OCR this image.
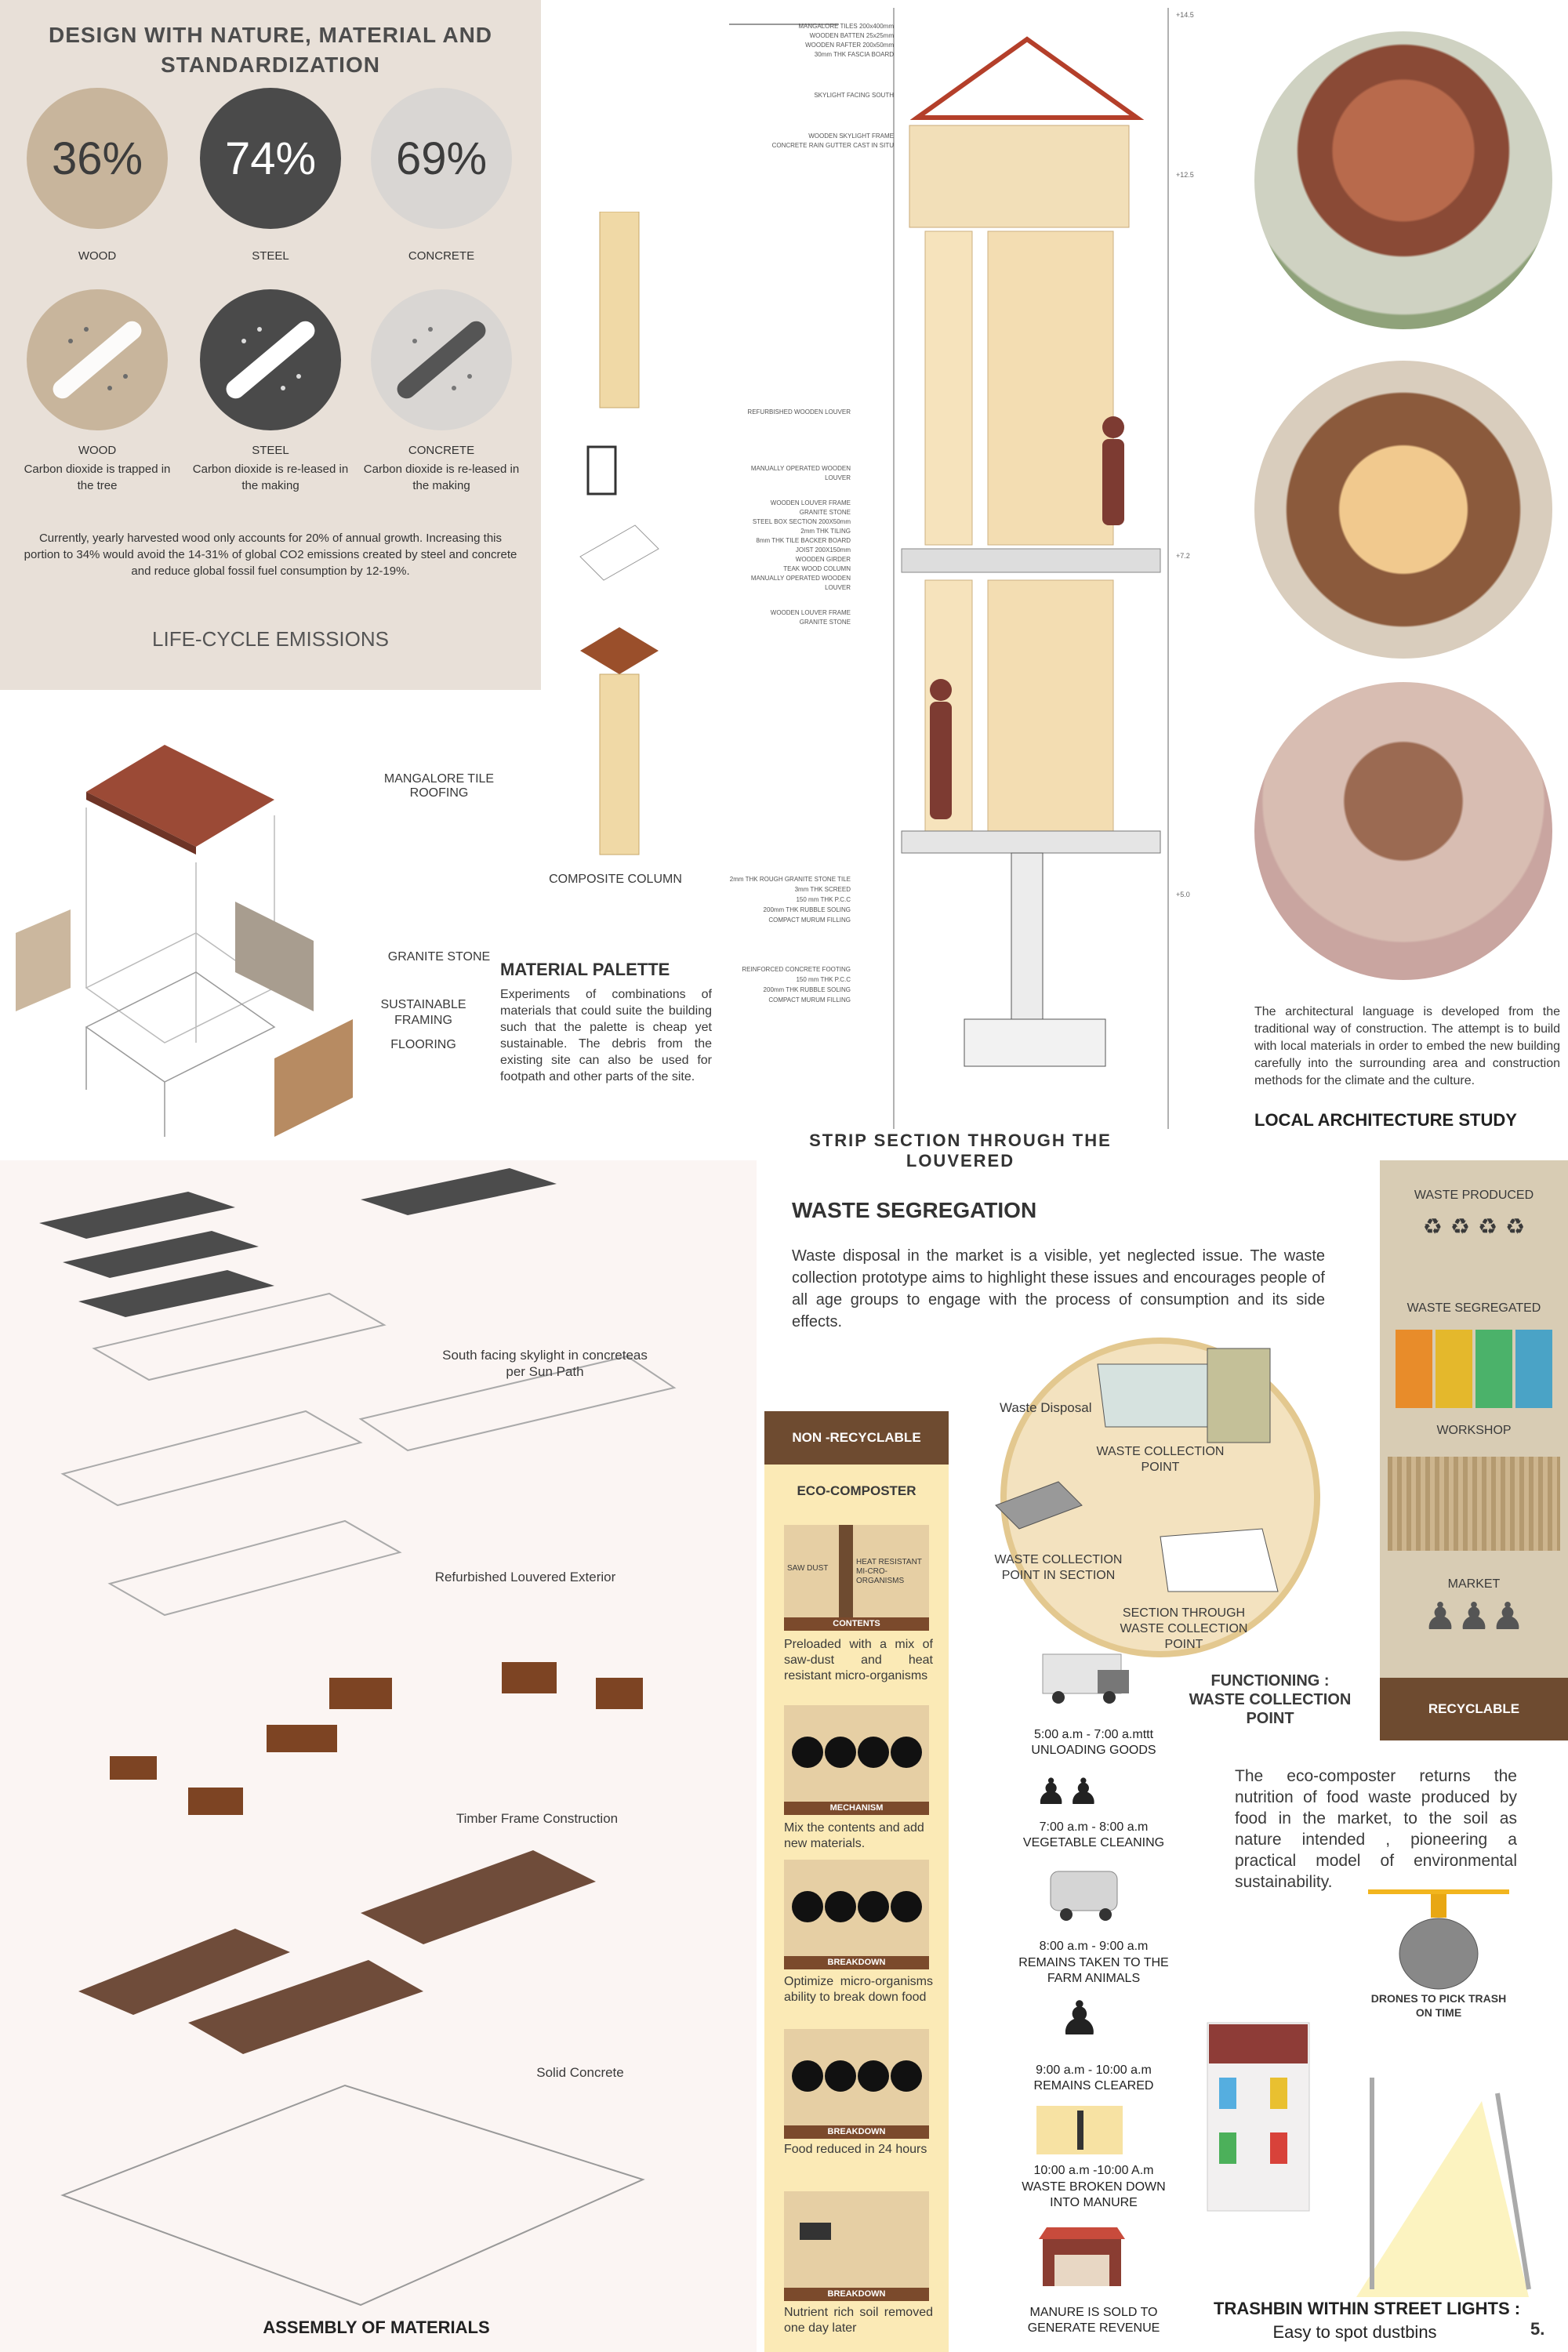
DESIGN WITH NATURE, MATERIAL AND STANDARDIZATION
36% 74% 69%
WOOD	STEEL	CONCRETE
WOOD
Carbon dioxide is trapped in the tree
STEEL
Carbon dioxide is re-leased in the making
CONCRETE
Carbon dioxide is re-leased in the making
Currently, yearly harvested wood only accounts for 20% of annual growth. Increasing this portion to 34% would avoid the 14-31% of global CO2 emissions created by steel and concrete and reduce global fossil fuel consumption by 12-19%.
LIFE-CYCLE EMISSIONS
MANGALORE TILE ROOFING
GRANITE STONE
SUSTAINABLE FRAMING
FLOORING
COMPOSITE COLUMN
MATERIAL PALETTE
Experiments of combinations of materials that could suite the building such that the palette is cheap yet sustainable. The debris from the existing site can also be used for footpath and other parts of the site.
MANGALORE TILES 200x400mm
WOODEN BATTEN 25x25mm
WOODEN RAFTER 200x50mm
30mm THK FASCIA BOARD
SKYLIGHT FACING SOUTH
WOODEN SKYLIGHT FRAME
CONCRETE RAIN GUTTER CAST IN SITU
REFURBISHED WOODEN LOUVER
MANUALLY OPERATED WOODEN LOUVER
WOODEN LOUVER FRAME
GRANITE STONE
STEEL BOX SECTION 200X50mm
2mm THK TILING
8mm THK TILE BACKER BOARD
JOIST 200X150mm
WOODEN GIRDER
TEAK WOOD COLUMN
MANUALLY OPERATED WOODEN LOUVER
WOODEN LOUVER FRAME
GRANITE STONE
2mm THK ROUGH GRANITE STONE TILE
3mm THK SCREED
150 mm THK P.C.C
200mm THK RUBBLE SOLING
COMPACT MURUM FILLING
REINFORCED CONCRETE FOOTING
150 mm THK P.C.C
200mm THK RUBBLE SOLING
COMPACT MURUM FILLING
+14.5
+12.5
+7.2
+5.0
STRIP SECTION THROUGH THE LOUVERED
The architectural language is developed from the traditional way of construction. The attempt is to build with local materials in order to embed the new building carefully into the surrounding area and construction methods for the climate and the culture.
LOCAL ARCHITECTURE STUDY
South facing skylight in concreteas per Sun Path
Refurbished Louvered Exterior
Timber Frame Construction
Solid Concrete
ASSEMBLY OF MATERIALS
WASTE SEGREGATION
Waste disposal in the market is a visible, yet neglected issue. The waste collection prototype aims to highlight these issues and encourages people of all age groups to engage with the process of consumption and its side effects.
Waste Disposal
WASTE COLLECTION POINT
WASTE COLLECTION POINT IN SECTION
SECTION THROUGH WASTE COLLECTION POINT
FUNCTIONING : WASTE COLLECTION POINT
NON -RECYCLABLE
ECO-COMPOSTER
SAW DUST
HEAT RESISTANT MI-CRO-ORGANISMS
CONTENTS
Preloaded with a mix of saw-dust and heat resistant micro-organisms
MECHANISM
Mix the contents and add new materials.
BREAKDOWN
Optimize micro-organisms ability to break down food
BREAKDOWN
Food reduced in 24 hours
BREAKDOWN
Nutrient rich soil removed one day later
5:00 a.m - 7:00 a.mttt
UNLOADING GOODS
♟♟
7:00 a.m - 8:00 a.m
VEGETABLE CLEANING
8:00 a.m - 9:00 a.m
REMAINS TAKEN TO THE FARM ANIMALS
♟
9:00 a.m - 10:00 a.m
REMAINS CLEARED
10:00 a.m -10:00 A.m
WASTE BROKEN DOWN INTO MANURE
MANURE IS SOLD TO GENERATE REVENUE
WASTE PRODUCED
♻ ♻ ♻ ♻
WASTE SEGREGATED
WORKSHOP
MARKET
♟♟♟
RECYCLABLE
The eco-composter returns the nutrition of food waste produced by food in the market, to the soil as nature intended , pioneering a practical model of environmental sustainability.
DRONES TO PICK TRASH ON TIME
TRASHBIN WITHIN STREET LIGHTS :
Easy to spot dustbins	5.
